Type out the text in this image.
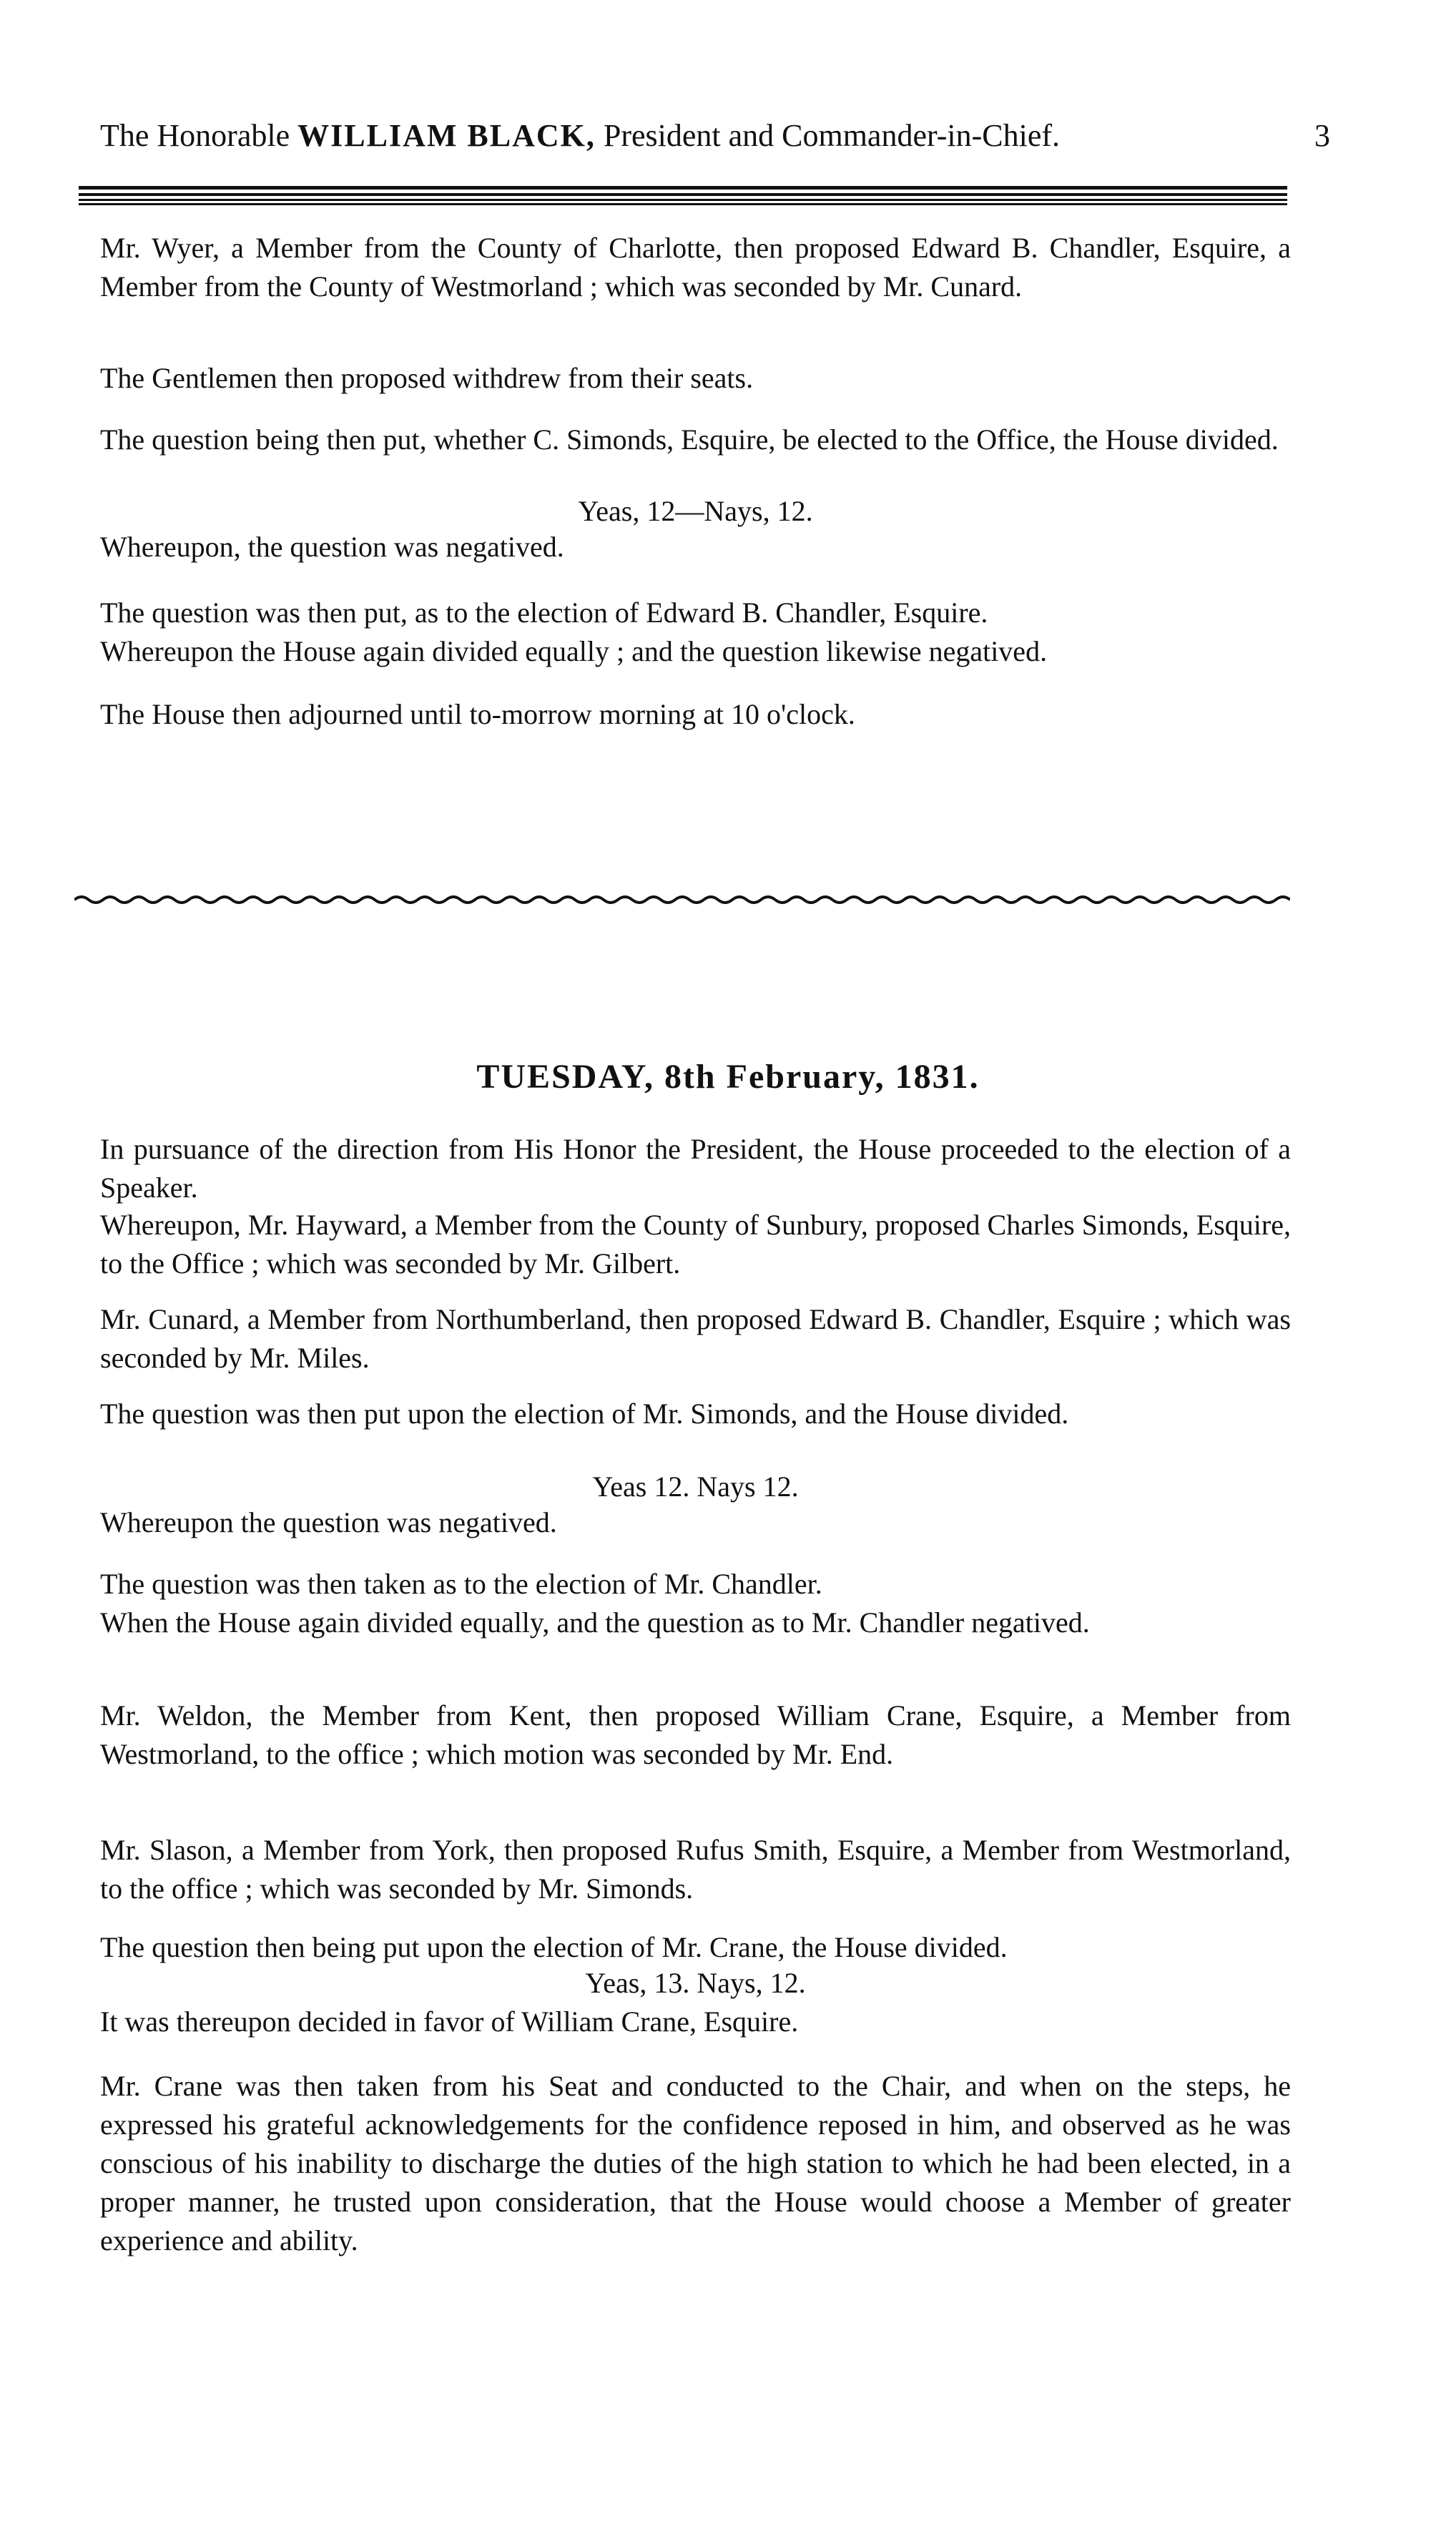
The Honorable WILLIAM BLACK, President and Commander-in-Chief.	3

Mr. Wyer, a Member from the County of Charlotte, then proposed Edward B. Chandler, Esquire, a Member from the County of Westmorland ; which was seconded by Mr. Cunard.

The Gentlemen then proposed withdrew from their seats.

The question being then put, whether C. Simonds, Esquire, be elected to the Office, the House divided.

Yeas, 12—Nays, 12.

Whereupon, the question was negatived.

The question was then put, as to the election of Edward B. Chandler, Esquire.

Whereupon the House again divided equally ; and the question likewise negatived.

The House then adjourned until to-morrow morning at 10 o'clock.

TUESDAY, 8th February, 1831.

In pursuance of the direction from His Honor the President, the House proceeded to the election of a Speaker.

Whereupon, Mr. Hayward, a Member from the County of Sunbury, proposed Charles Simonds, Esquire, to the Office ; which was seconded by Mr. Gilbert.

Mr. Cunard, a Member from Northumberland, then proposed Edward B. Chandler, Esquire ; which was seconded by Mr. Miles.

The question was then put upon the election of Mr. Simonds, and the House divided.

Yeas 12. Nays 12.

Whereupon the question was negatived.

The question was then taken as to the election of Mr. Chandler.

When the House again divided equally, and the question as to Mr. Chandler negatived.

Mr. Weldon, the Member from Kent, then proposed William Crane, Esquire, a Member from Westmorland, to the office ; which motion was seconded by Mr. End.

Mr. Slason, a Member from York, then proposed Rufus Smith, Esquire, a Member from Westmorland, to the office ; which was seconded by Mr. Simonds.

The question then being put upon the election of Mr. Crane, the House divided.

Yeas, 13. Nays, 12.

It was thereupon decided in favor of William Crane, Esquire.

Mr. Crane was then taken from his Seat and conducted to the Chair, and when on the steps, he expressed his grateful acknowledgements for the confidence reposed in him, and observed as he was conscious of his inability to discharge the duties of the high station to which he had been elected, in a proper manner, he trusted upon consideration, that the House would choose a Member of greater experience and ability.
